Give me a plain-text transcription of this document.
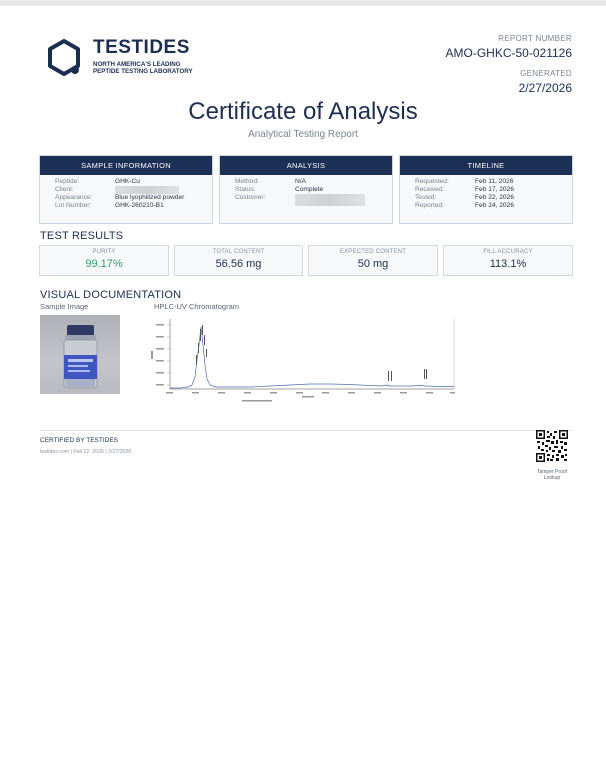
TESTIDES
NORTH AMERICA'S LEADING
PEPTIDE TESTING LABORATORY
REPORT NUMBER
AMO-GHKC-50-021126
GENERATED
2/27/2026
Certificate of Analysis
Analytical Testing Report
SAMPLE INFORMATION
Peptide:	GHK-Cu
Client:
Appearance:	Blue lyophilized powder
Lot Number:	GHK-260210-B1
ANALYSIS
Method:	N/A
Status:	Complete
Customer:
TIMELINE
Requested:	Feb 11, 2026
Received:	Feb 17, 2026
Tested:	Feb 22, 2026
Reported:	Feb 24, 2026
TEST RESULTS
PURITY
99.17%
TOTAL CONTENT
56.56 mg
EXPECTED CONTENT
50 mg
FILL ACCURACY
113.1%
VISUAL DOCUMENTATION
Sample Image	HPLC-UV Chromatogram
CERTIFIED BY TESTIDES
testides.com | Feb 22, 2026 | 2/27/2026
Tamper Proof
Lookup
